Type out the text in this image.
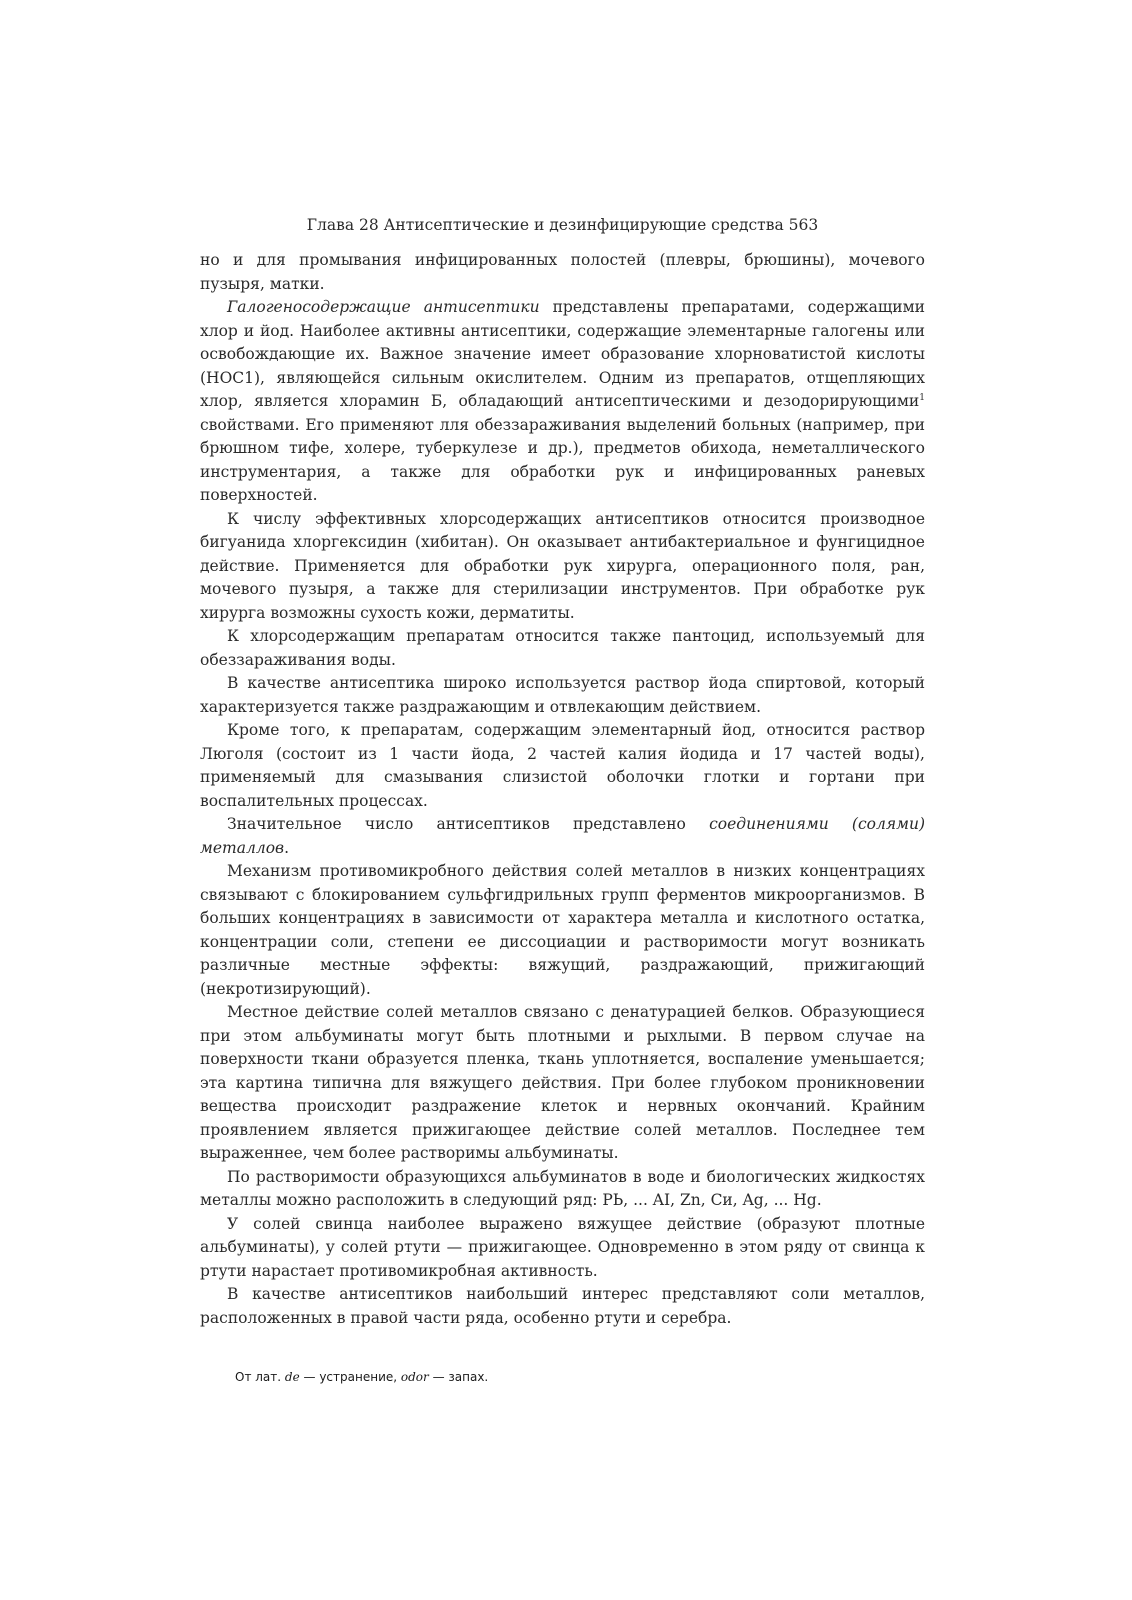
Глава 28 Антисептические и дезинфицирующие средства 563

но и для промывания инфицированных полостей (плевры, брюшины), мочевого пузыря, матки.

Галогеносодержащие антисептики представлены препаратами, содержащими хлор и йод. Наиболее активны антисептики, содержащие элементарные галогены или освобождающие их. Важное значение имеет образование хлорноватистой кислоты (НОС1), являющейся сильным окислителем. Одним из препаратов, отщепляющих хлор, является хлорамин Б, обладающий антисептическими и дезодорирующими$^1$ свойствами. Его применяют лля обеззараживания выделений больных (например, при брюшном тифе, холере, туберкулезе и др.), предметов обихода, неметаллического инструментария, а также для обработки рук и инфицированных раневых поверхностей.

К числу эффективных хлорсодержащих антисептиков относится производное бигуанида хлоргексидин (хибитан). Он оказывает антибактериальное и фунгицидное действие. Применяется для обработки рук хирурга, операционного поля, ран, мочевого пузыря, а также для стерилизации инструментов. При обработке рук хирурга возможны сухость кожи, дерматиты.

К хлорсодержащим препаратам относится также пантоцид, используемый для обеззараживания воды.

В качестве антисептика широко используется раствор йода спиртовой, который характеризуется также раздражающим и отвлекающим действием.

Кроме того, к препаратам, содержащим элементарный йод, относится раствор Люголя (состоит из 1 части йода, 2 частей калия йодида и 17 частей воды), применяемый для смазывания слизистой оболочки глотки и гортани при воспалительных процессах.

Значительное число антисептиков представлено соединениями (солями) металлов.

Механизм противомикробного действия солей металлов в низких концентрациях связывают с блокированием сульфгидрильных групп ферментов микроорганизмов. В больших концентрациях в зависимости от характера металла и кислотного остатка, концентрации соли, степени ее диссоциации и растворимости могут возникать различные местные эффекты: вяжущий, раздражающий, прижигающий (некротизирующий).

Местное действие солей металлов связано с денатурацией белков. Образующиеся при этом альбуминаты могут быть плотными и рыхлыми. В первом случае на поверхности ткани образуется пленка, ткань уплотняется, воспаление уменьшается; эта картина типична для вяжущего действия. При более глубоком проникновении вещества происходит раздражение клеток и нервных окончаний. Крайним проявлением является прижигающее действие солей металлов. Последнее тем выраженнее, чем более растворимы альбуминаты.

По растворимости образующихся альбуминатов в воде и биологических жидкостях металлы можно расположить в следующий ряд: РЬ, ... AI, Zn, Си, Ag, ... Hg.

У солей свинца наиболее выражено вяжущее действие (образуют плотные альбуминаты), у солей ртути — прижигающее. Одновременно в этом ряду от свинца к ртути нарастает противомикробная активность.

В качестве антисептиков наибольший интерес представляют соли металлов, расположенных в правой части ряда, особенно ртути и серебра.

От лат. de — устранение, odor — запах.
